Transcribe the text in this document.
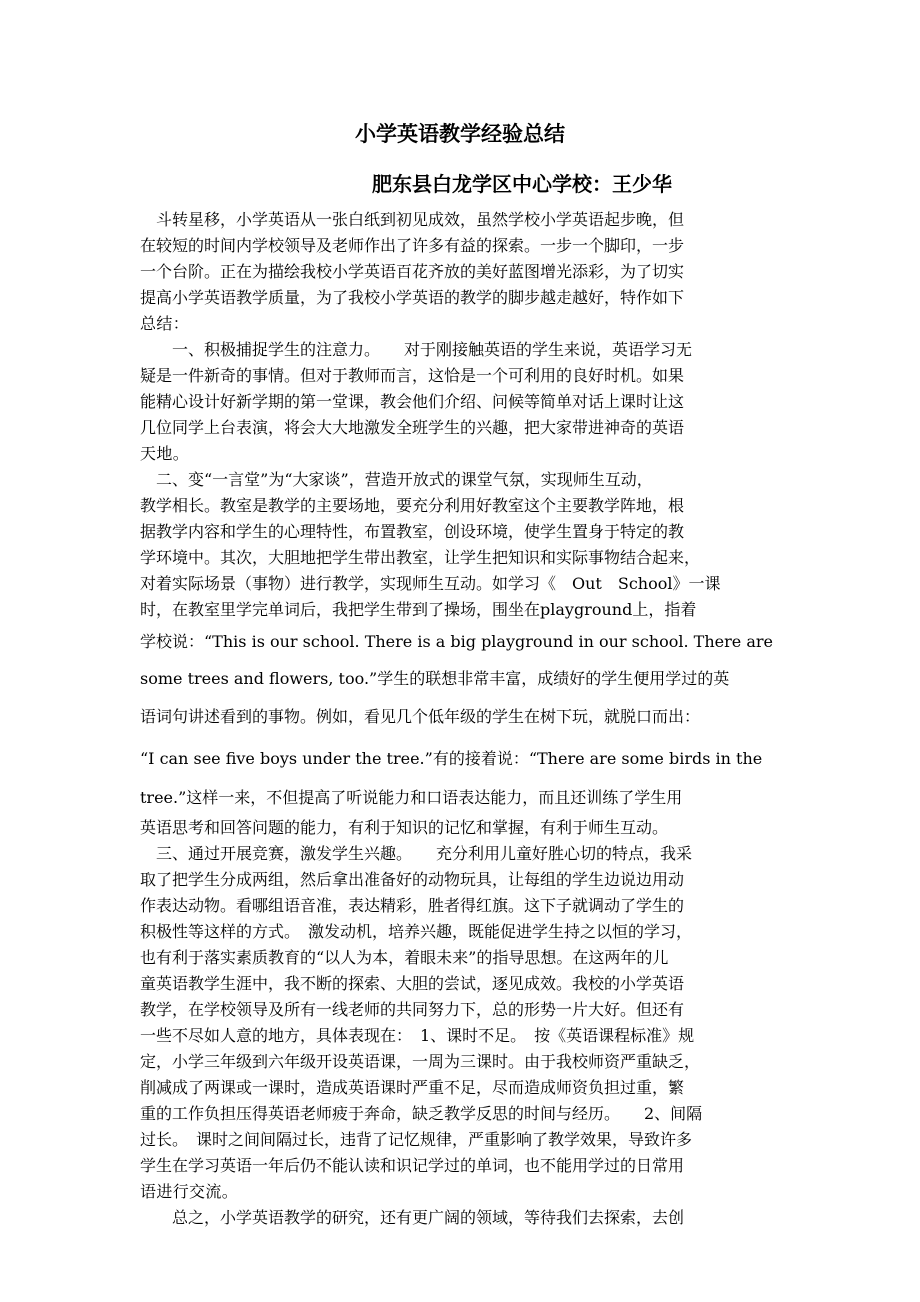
小学英语教学经验总结
肥东县白龙学区中心学校：王少华
　斗转星移，小学英语从一张白纸到初见成效，虽然学校小学英语起步晚，但
在较短的时间内学校领导及老师作出了许多有益的探索。一步一个脚印，一步
一个台阶。正在为描绘我校小学英语百花齐放的美好蓝图增光添彩，为了切实
提高小学英语教学质量，为了我校小学英语的教学的脚步越走越好，特作如下
总结：
　　一、积极捕捉学生的注意力。　　对于刚接触英语的学生来说，英语学习无
疑是一件新奇的事情。但对于教师而言，这恰是一个可利用的良好时机。如果
能精心设计好新学期的第一堂课，教会他们介绍、问候等简单对话上课时让这
几位同学上台表演，将会大大地激发全班学生的兴趣，把大家带进神奇的英语
天地。
　二、变“一言堂”为“大家谈”，营造开放式的课堂气氛，实现师生互动，
教学相长。教室是教学的主要场地，要充分利用好教室这个主要教学阵地，根
据教学内容和学生的心理特性，布置教室，创设环境，使学生置身于特定的教
学环境中。其次，大胆地把学生带出教室，让学生把知识和实际事物结合起来，
对着实际场景（事物）进行教学，实现师生互动。如学习《　Out　School》一课
时，在教室里学完单词后，我把学生带到了操场，围坐在playground上，指着
学校说：“This is our school. There is a big playground in our school. There are
some trees and flowers, too.”学生的联想非常丰富，成绩好的学生便用学过的英
语词句讲述看到的事物。例如，看见几个低年级的学生在树下玩，就脱口而出：
“I can see five boys under the tree.”有的接着说：“There are some birds in the
tree.”这样一来，不但提高了听说能力和口语表达能力，而且还训练了学生用
英语思考和回答问题的能力，有利于知识的记忆和掌握，有利于师生互动。
　三、通过开展竞赛，激发学生兴趣。　　充分利用儿童好胜心切的特点，我采
取了把学生分成两组，然后拿出准备好的动物玩具，让每组的学生边说边用动
作表达动物。看哪组语音准，表达精彩，胜者得红旗。这下子就调动了学生的
积极性等这样的方式。　激发动机，培养兴趣，既能促进学生持之以恒的学习，
也有利于落实素质教育的“以人为本，着眼未来”的指导思想。在这两年的儿
童英语教学生涯中，我不断的探索、大胆的尝试，逐见成效。我校的小学英语
教学，在学校领导及所有一线老师的共同努力下，总的形势一片大好。但还有
一些不尽如人意的地方，具体表现在：　1、课时不足。　按《英语课程标准》规
定，小学三年级到六年级开设英语课，一周为三课时。由于我校师资严重缺乏，
削减成了两课或一课时，造成英语课时严重不足，尽而造成师资负担过重，繁
重的工作负担压得英语老师疲于奔命，缺乏教学反思的时间与经历。　　2、间隔
过长。　课时之间间隔过长，违背了记忆规律，严重影响了教学效果，导致许多
学生在学习英语一年后仍不能认读和识记学过的单词，也不能用学过的日常用
语进行交流。
　　总之，小学英语教学的研究，还有更广阔的领域，等待我们去探索，去创
